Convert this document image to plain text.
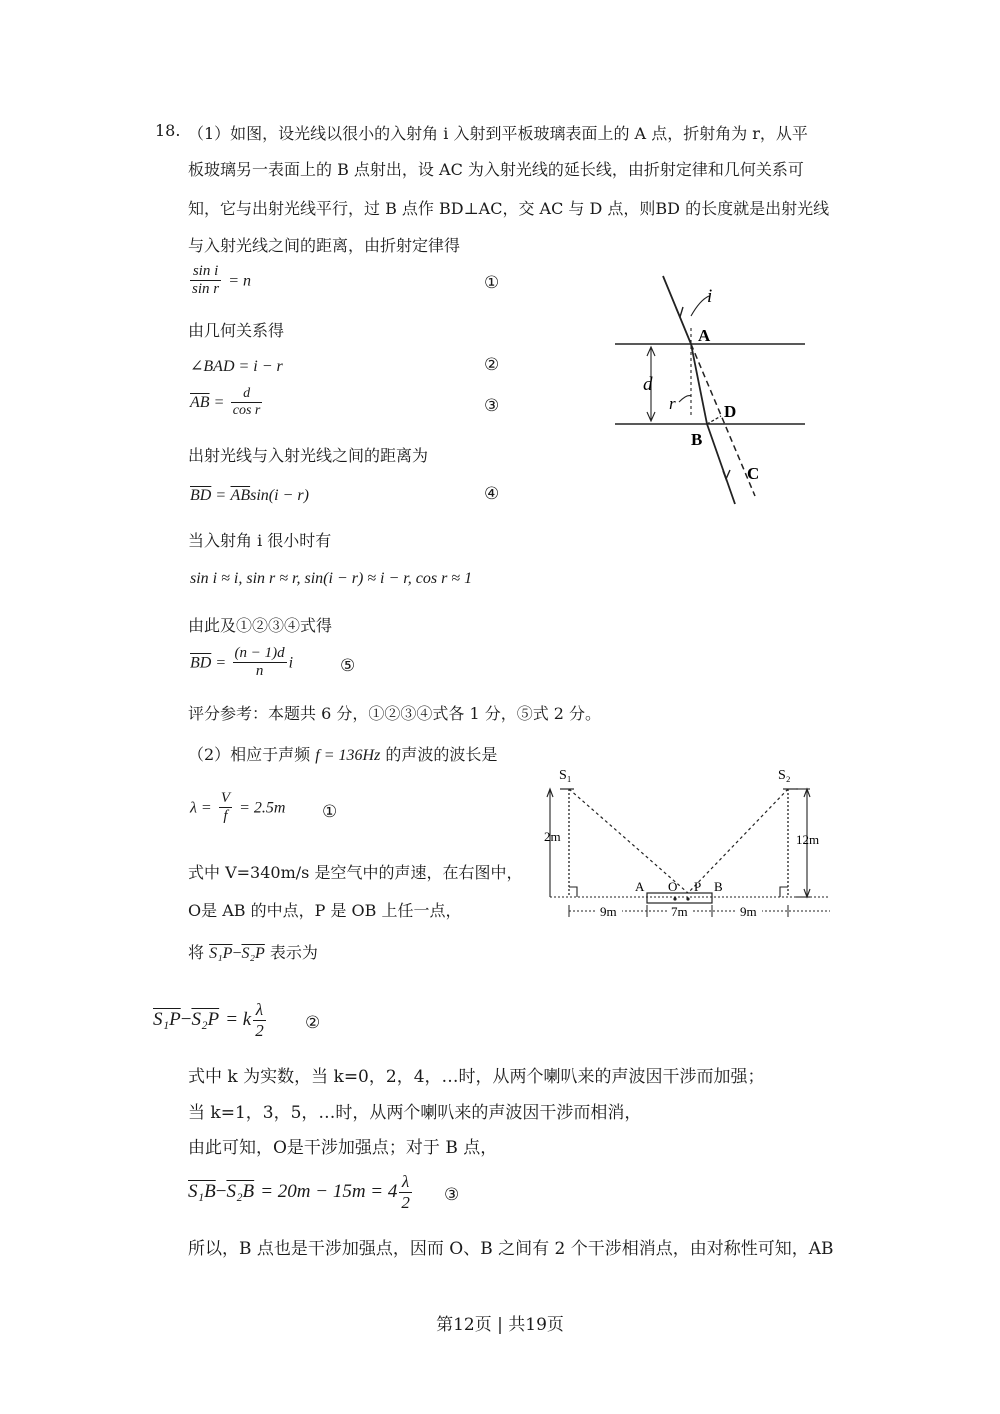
18. （1）如图，设光线以很小的入射角 i 入射到平板玻璃表面上的 A 点，折射角为 r，从平
板玻璃另一表面上的 B 点射出，设 AC 为入射光线的延长线，由折射定律和几何关系可
知，它与出射光线平行，过 B 点作 BD⊥AC，交 AC 与 D 点，则BD 的长度就是出射光线
与入射光线之间的距离，由折射定律得
$\frac{\text{sin i}}{\text{sin r}} = n$	①
由几何关系得
∠BAD = i − r	②
$\overline{AB} = \frac{d}{\text{cos r}}$	③
出射光线与入射光线之间的距离为
$\overline{BD} = \overline{AB}\sin(i - r)$	④
当入射角 i 很小时有
sin i ≈ i, sin r ≈ r, sin(i − r) ≈ i − r, cos r ≈ 1
由此及①②③④式得
$\overline{BD} = \frac{(n - 1)d}{n}$ i	⑤
评分参考：本题共 6 分，①②③④式各 1 分，⑤式 2 分。
i
A
d
r	D
B
C
（2）相应于声频 f = 136Hz 的声波的波长是
$\lambda = \frac{V}{f} = 2.5m$ ①
式中 V=340m/s 是空气中的声速，在右图中，
O是 AB 的中点，P 是 OB 上任一点，
将 S₁P−S₂P 表示为
S₁	S₂
2m	12m
A O P B
9m	7m	9m
S₁P−S₂P = k $\frac{\lambda}{2}$ ②
式中 k 为实数，当 k=0，2，4，…时，从两个喇叭来的声波因干涉而加强；
当 k=1，3，5，…时，从两个喇叭来的声波因干涉而相消，
由此可知，O是干涉加强点；对于 B 点，
$S_1B-S_2B = 20m - 15m = 4 \frac{\lambda}{2}$ ③
所以，B 点也是干涉加强点，因而 O、B 之间有 2 个干涉相消点，由对称性可知，AB
第12页 | 共19页
